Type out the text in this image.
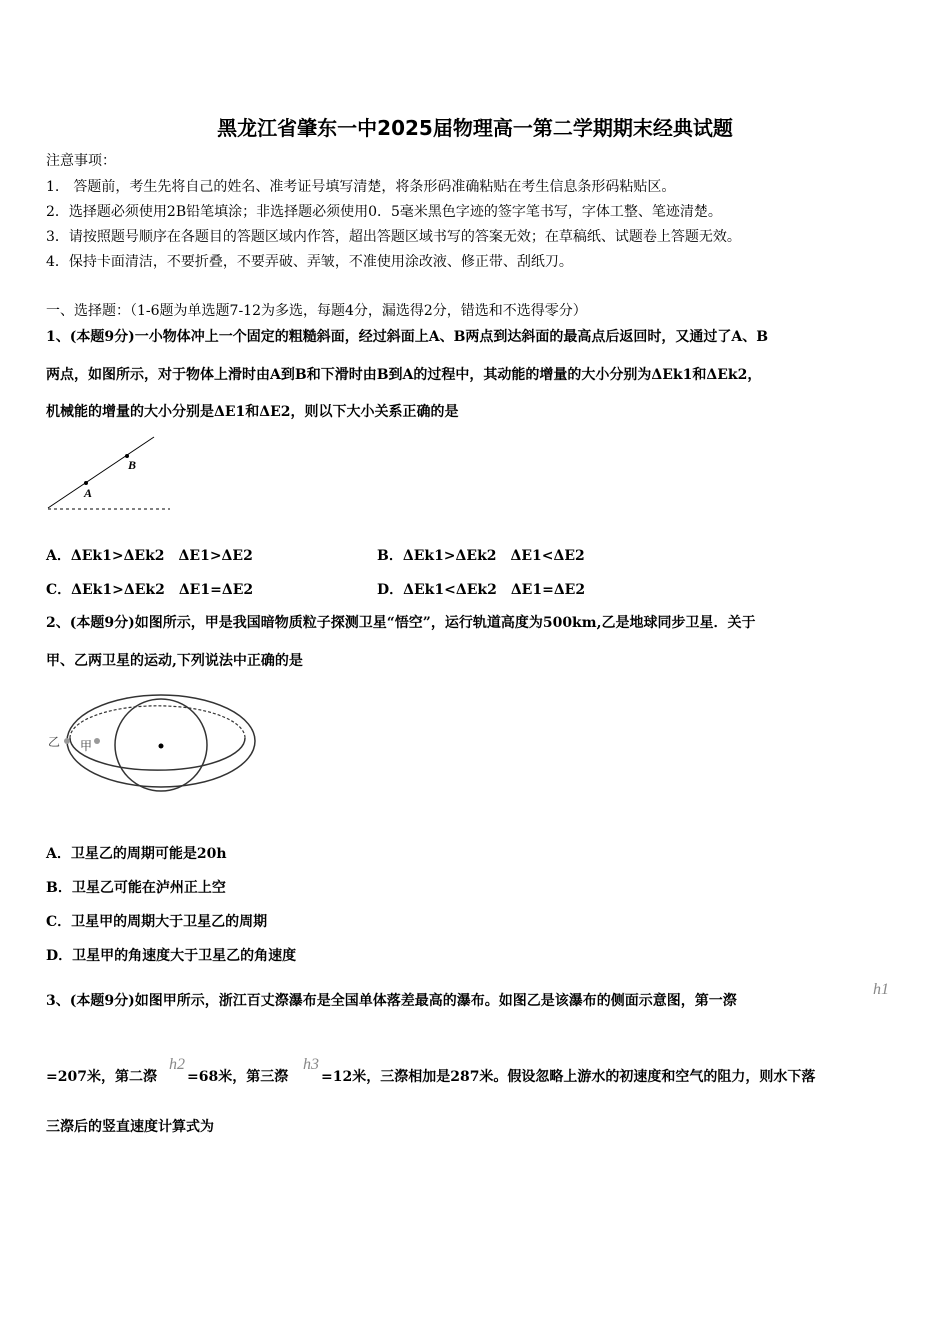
黑龙江省肇东一中2025届物理高一第二学期期末经典试题
注意事项：
1.　答题前，考生先将自己的姓名、准考证号填写清楚，将条形码准确粘贴在考生信息条形码粘贴区。
2．选择题必须使用2B铅笔填涂；非选择题必须使用0．5毫米黑色字迹的签字笔书写，字体工整、笔迹清楚。
3．请按照题号顺序在各题目的答题区域内作答，超出答题区域书写的答案无效；在草稿纸、试题卷上答题无效。
4．保持卡面清洁，不要折叠，不要弄破、弄皱，不准使用涂改液、修正带、刮纸刀。
一、选择题：（1-6题为单选题7-12为多选，每题4分，漏选得2分，错选和不选得零分）
1、(本题9分)一小物体冲上一个固定的粗糙斜面，经过斜面上A、B两点到达斜面的最高点后返回时，又通过了A、B
两点，如图所示，对于物体上滑时由A到B和下滑时由B到A的过程中，其动能的增量的大小分别为ΔEk1和ΔEk2，
机械能的增量的大小分别是ΔE1和ΔE2，则以下大小关系正确的是
A
B
A．ΔEk1>ΔEk2　ΔE1>ΔE2	B．ΔEk1>ΔEk2　ΔE1<ΔE2
C．ΔEk1>ΔEk2　ΔE1=ΔE2	D．ΔEk1<ΔEk2　ΔE1=ΔE2
2、(本题9分)如图所示，甲是我国暗物质粒子探测卫星“悟空”，运行轨道高度为500km,乙是地球同步卫星．关于
甲、乙两卫星的运动,下列说法中正确的是
乙 甲
A．卫星乙的周期可能是20h
B．卫星乙可能在泸州正上空
C．卫星甲的周期大于卫星乙的周期
D．卫星甲的角速度大于卫星乙的角速度
3、(本题9分)如图甲所示，浙江百丈漈瀑布是全国单体落差最高的瀑布。如图乙是该瀑布的侧面示意图，第一漈
h1
=207米，第二漈
h2
=68米，第三漈
h3
=12米，三漈相加是287米。假设忽略上游水的初速度和空气的阻力，则水下落
三漈后的竖直速度计算式为
